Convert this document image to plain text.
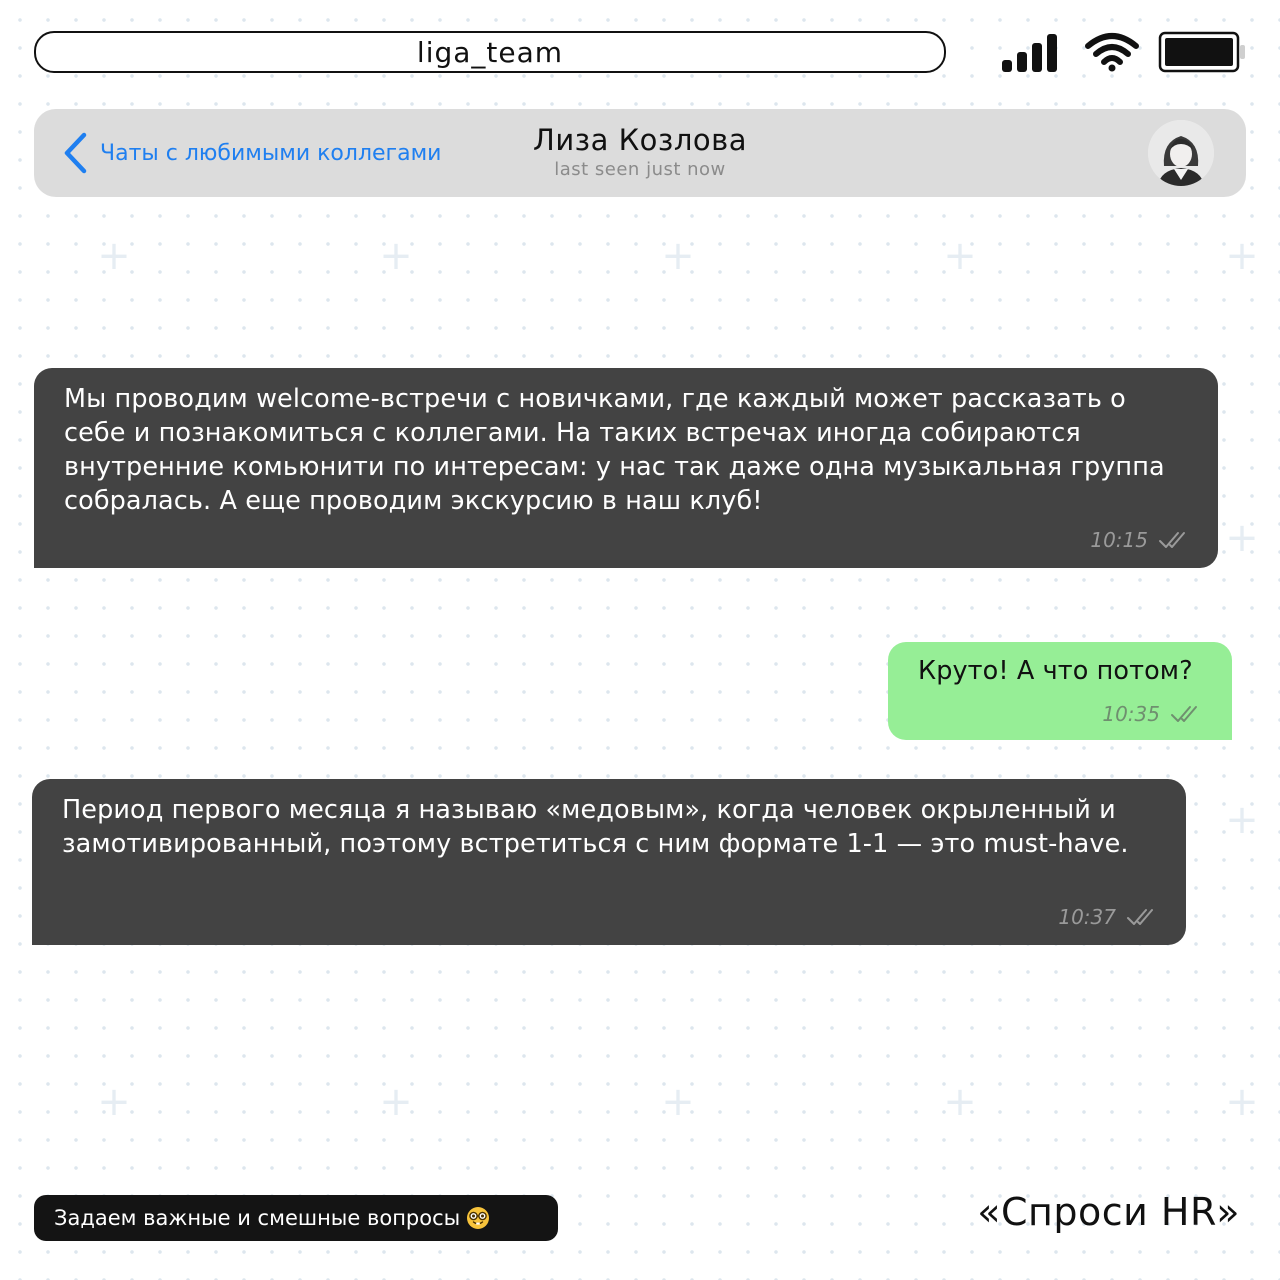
+	+	+	+	+
+
+
+	+	+	+	+
liga_team
Чаты с любимыми коллегами	Лиза Козлова
last seen just now
Мы проводим welcome-встречи с новичками, где каждый может рассказать о себе и познакомиться с коллегами. На таких встречах иногда собираются внутренние комьюнити по интересам: у нас так даже одна музыкальная группа собралась. А еще проводим экскурсию в наш клуб!
10:15
Круто! А что потом?
10:35
Период первого месяца я называю «медовым», когда человек окрыленный и замотивированный, поэтому встретиться с ним формате 1-1 — это must-have.
10:37
Задаем важные и смешные вопросы	«Спроси HR»
